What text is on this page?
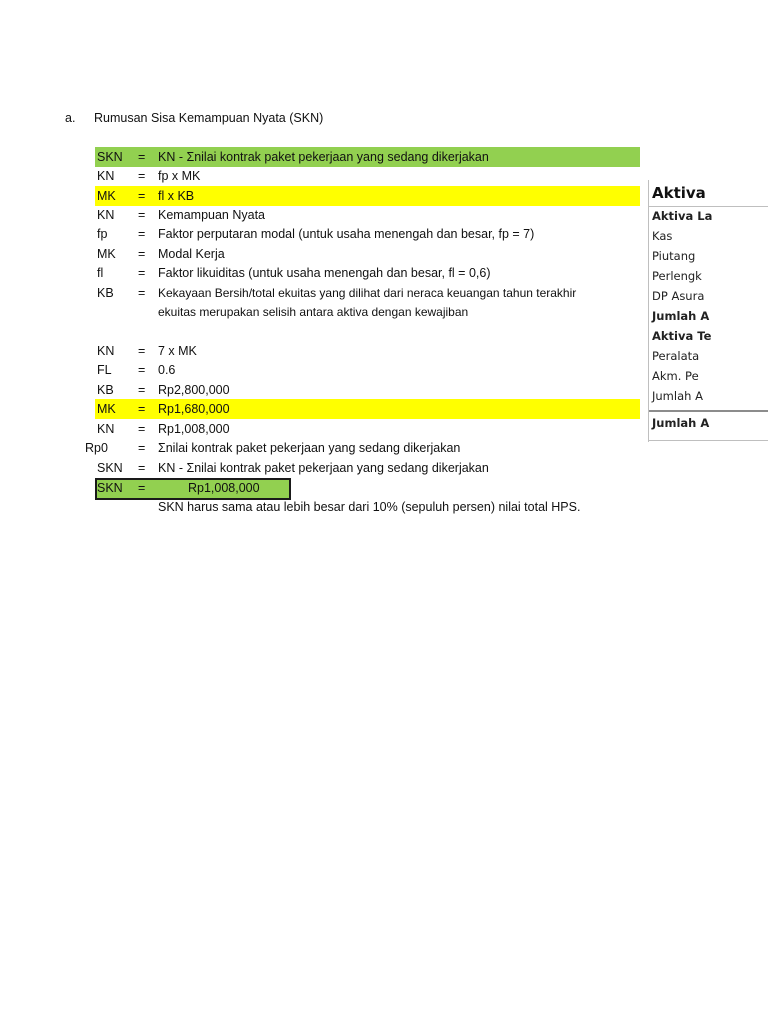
a. Rumusan Sisa Kemampuan Nyata (SKN)
SKN = KN - Σnilai kontrak paket pekerjaan yang sedang dikerjakan
KN = fp x MK
MK = fl x KB
KN = Kemampuan Nyata
fp = Faktor perputaran modal (untuk usaha menengah dan besar, fp = 7)
MK = Modal Kerja
fl	= Faktor likuiditas (untuk usaha menengah dan besar, fl = 0,6)
KB = Kekayaan Bersih/total ekuitas yang dilihat dari neraca keuangan tahun terakhir
ekuitas merupakan selisih antara aktiva dengan kewajiban
KN = 7 x MK
FL = 0.6
KB = Rp2,800,000
MK = Rp1,680,000
KN = Rp1,008,000
Rp0 = Σnilai kontrak paket pekerjaan yang sedang dikerjakan
SKN = KN - Σnilai kontrak paket pekerjaan yang sedang dikerjakan
SKN =	Rp1,008,000
SKN harus sama atau lebih besar dari 10% (sepuluh persen) nilai total HPS.
Aktiva
Aktiva La
Kas
Piutang
Perlengk
DP Asura
Jumlah A
Aktiva Te
Peralata
Akm. Pe
Jumlah A
Jumlah A
